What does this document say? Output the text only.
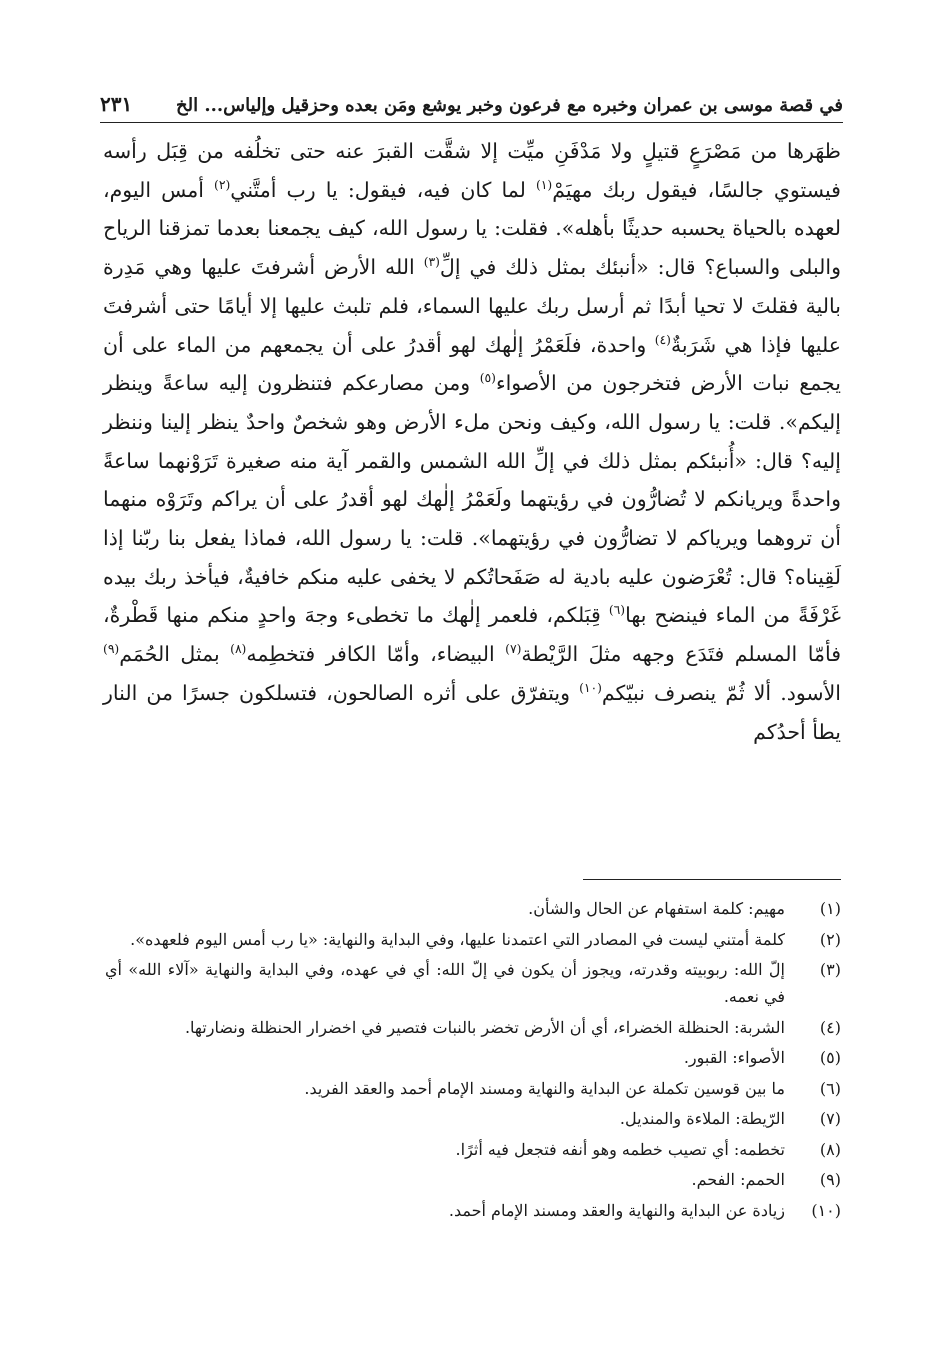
في قصة موسى بن عمران وخبره مع فرعون وخبر يوشع ومَن بعده وحزقيل وإلياس... الخ
٢٣١

ظهَرها من مَصْرَعٍ قتيلٍ ولا مَدْفَنِ ميِّت إلا شقَّت القبرَ عنه حتى تخلُفه من قِبَل رأسه فيستوي جالسًا، فيقول ربك مهيَمْ$^{(١)}$ لما كان فيه، فيقول: يا رب أمتَّني$^{(٢)}$ أمس اليوم، لعهده بالحياة يحسبه حديثًا بأهله». فقلت: يا رسول الله، كيف يجمعنا بعدما تمزقنا الرياح والبلى والسباع؟ قال: «أنبئك بمثل ذلك في إلِّ$^{(٣)}$ الله الأرض أشرفتَ عليها وهي مَدِرة بالية فقلتَ لا تحيا أبدًا ثم أرسل ربك عليها السماء، فلم تلبث عليها إلا أيامًا حتى أشرفتَ عليها فإذا هي شَرَبةٌ$^{(٤)}$ واحدة، فلَعَمْرُ إلٰهك لهو أقدرُ على أن يجمعهم من الماء على أن يجمع نبات الأرض فتخرجون من الأصواء$^{(٥)}$ ومن مصارعكم فتنظرون إليه ساعةً وينظر إليكم». قلت: يا رسول الله، وكيف ونحن ملء الأرض وهو شخصٌ واحدٌ ينظر إلينا وننظر إليه؟ قال: «أُنبئكم بمثل ذلك في إلِّ الله الشمس والقمر آية منه صغيرة تَرَوْنهما ساعةً واحدةً ويريانكم لا تُضارُّون في رؤيتهما ولَعَمْرُ إلٰهك لهو أقدرُ على أن يراكم وتَرَوْه منهما أن تروهما ويرياكم لا تضارُّون في رؤيتهما». قلت: يا رسول الله، فماذا يفعل بنا ربّنا إذا لَقِيناه؟ قال: تُعْرَضون عليه بادية له صَفَحاتُكم لا يخفى عليه منكم خافيةٌ، فيأخذ ربك بيده غَرْفَةً من الماء فينضح بها$^{(٦)}$ قِبَلكم، فلعمر إلٰهك ما تخطىء وجهَ واحدٍ منكم منها قَطْرةٌ، فأمّا المسلم فتَدَع وجهه مثلَ الرَّيْطة$^{(٧)}$ البيضاء، وأمّا الكافر فتخطِمه$^{(٨)}$ بمثل الحُمَم$^{(٩)}$ الأسود. ألا ثُمّ ينصرف نبيّكم$^{(١٠)}$ ويتفرّق على أثره الصالحون، فتسلكون جسرًا من النار يطأ أحدُكم

(١)
مهيم: كلمة استفهام عن الحال والشأن.
(٢)
كلمة أمتني ليست في المصادر التي اعتمدنا عليها، وفي البداية والنهاية: «يا رب أمس اليوم فلعهده».
(٣)
إلّ الله: ربوبيته وقدرته، ويجوز أن يكون في إلّ الله: أي في عهده، وفي البداية والنهاية «آلاء الله» أي في نعمه.
(٤)
الشربة: الحنظلة الخضراء، أي أن الأرض تخضر بالنبات فتصير في اخضرار الحنظلة ونضارتها.
(٥)
الأصواء: القبور.
(٦)
ما بين قوسين تكملة عن البداية والنهاية ومسند الإمام أحمد والعقد الفريد.
(٧)
الرّيطة: الملاءة والمنديل.
(٨)
تخطمه: أي تصيب خطمه وهو أنفه فتجعل فيه أثرًا.
(٩)
الحمم: الفحم.
(١٠)
زيادة عن البداية والنهاية والعقد ومسند الإمام أحمد.
